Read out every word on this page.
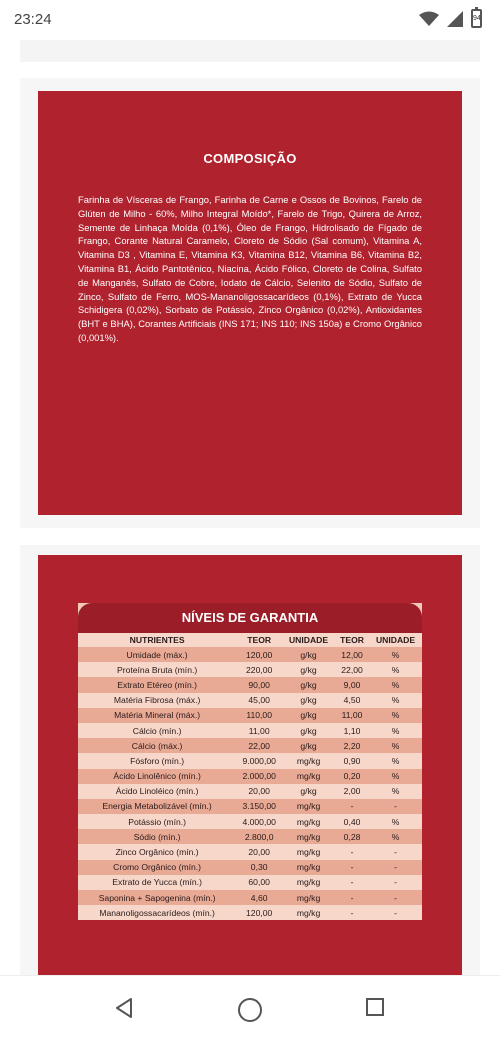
23:24	94
COMPOSIÇÃO
Farinha de Vísceras de Frango, Farinha de Carne e Ossos de Bovinos, Farelo de Glúten de Milho - 60%, Milho Integral Moído*, Farelo de Trigo, Quirera de Arroz, Semente de Linhaça Moída (0,1%), Óleo de Frango, Hidrolisado de Fígado de Frango, Corante Natural Caramelo, Cloreto de Sódio (Sal comum), Vitamina A, Vitamina D3 , Vitamina E, Vitamina K3, Vitamina B12, Vitamina B6, Vitamina B2, Vitamina B1, Ácido Pantotênico, Niacina, Ácido Fólico, Cloreto de Colina, Sulfato de Manganês, Sulfato de Cobre, Iodato de Cálcio, Selenito de Sódio, Sulfato de Zinco, Sulfato de Ferro, MOS-Mananoligossacarídeos (0,1%), Extrato de Yucca Schidigera (0,02%), Sorbato de Potássio, Zinco Orgânico (0,02%), Antioxidantes (BHT e BHA), Corantes Artificiais (INS 171; INS 110; INS 150a) e Cromo Orgânico (0,001%).
NÍVEIS DE GARANTIA
NUTRIENTES	TEOR	UNIDADE	TEOR	UNIDADE
Umidade (máx.)	120,00	g/kg	12,00	%
Proteína Bruta (mín.)	220,00	g/kg	22,00	%
Extrato Etéreo (mín.)	90,00	g/kg	9,00	%
Matéria Fibrosa (máx.)	45,00	g/kg	4,50	%
Matéria Mineral (máx.)	110,00	g/kg	11,00	%
Cálcio (mín.)	11,00	g/kg	1,10	%
Cálcio (máx.)	22,00	g/kg	2,20	%
Fósforo (mín.)	9.000,00	mg/kg	0,90	%
Ácido Linolênico (mín.)	2.000,00	mg/kg	0,20	%
Ácido Linoléico (mín.)	20,00	g/kg	2,00	%
Energia Metabolizável (mín.)	3.150,00	mg/kg	-	-
Potássio (mín.)	4.000,00	mg/kg	0,40	%
Sódio (mín.)	2.800,0	mg/kg	0,28	%
Zinco Orgânico (mín.)	20,00	mg/kg	-	-
Cromo Orgânico (mín.)	0,30	mg/kg	-	-
Extrato de Yucca (mín.)	60,00	mg/kg	-	-
Saponina + Sapogenina (mín.)	4,60	mg/kg	-	-
Mananoligossacarídeos (mín.)	120,00	mg/kg	-	-
